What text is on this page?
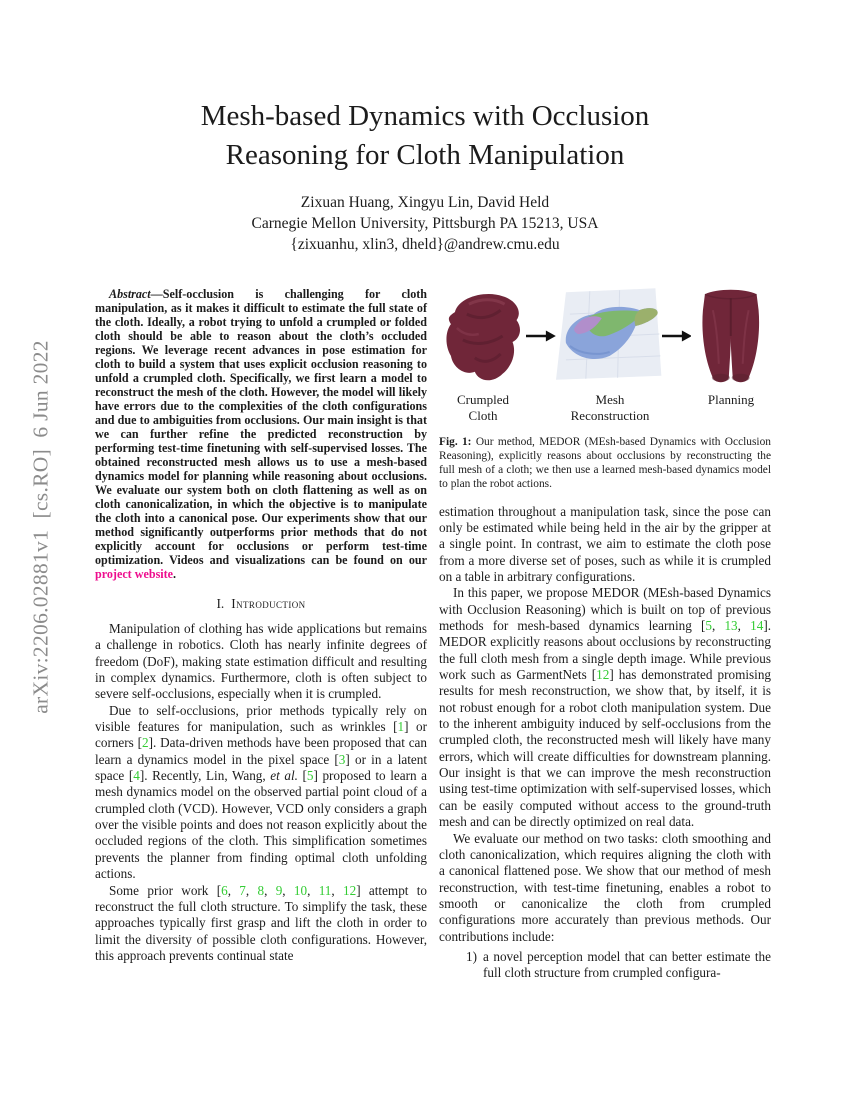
arXiv:2206.02881v1  [cs.RO]  6 Jun 2022
Mesh-based Dynamics with Occlusion
Reasoning for Cloth Manipulation
Zixuan Huang, Xingyu Lin, David Held
Carnegie Mellon University, Pittsburgh PA 15213, USA
{zixuanhu, xlin3, dheld}@andrew.cmu.edu

Abstract—Self-occlusion is challenging for cloth manipulation, as it makes it difficult to estimate the full state of the cloth. Ideally, a robot trying to unfold a crumpled or folded cloth should be able to reason about the cloth’s occluded regions. We leverage recent advances in pose estimation for cloth to build a system that uses explicit occlusion reasoning to unfold a crumpled cloth. Specifically, we first learn a model to reconstruct the mesh of the cloth. However, the model will likely have errors due to the complexities of the cloth configurations and due to ambiguities from occlusions. Our main insight is that we can further refine the predicted reconstruction by performing test-time finetuning with self-supervised losses. The obtained reconstructed mesh allows us to use a mesh-based dynamics model for planning while reasoning about occlusions. We evaluate our system both on cloth flattening as well as on cloth canonicalization, in which the objective is to manipulate the cloth into a canonical pose. Our experiments show that our method significantly outperforms prior methods that do not explicitly account for occlusions or perform test-time optimization. Videos and visualizations can be found on our project website.

I. Introduction

Manipulation of clothing has wide applications but remains a challenge in robotics. Cloth has nearly infinite degrees of freedom (DoF), making state estimation difficult and resulting in complex dynamics. Furthermore, cloth is often subject to severe self-occlusions, especially when it is crumpled.

Due to self-occlusions, prior methods typically rely on visible features for manipulation, such as wrinkles [1] or corners [2]. Data-driven methods have been proposed that can learn a dynamics model in the pixel space [3] or in a latent space [4]. Recently, Lin, Wang, et al. [5] proposed to learn a mesh dynamics model on the observed partial point cloud of a crumpled cloth (VCD). However, VCD only considers a graph over the visible points and does not reason explicitly about the occluded regions of the cloth. This simplification sometimes prevents the planner from finding optimal cloth unfolding actions.

Some prior work [6, 7, 8, 9, 10, 11, 12] attempt to reconstruct the full cloth structure. To simplify the task, these approaches typically first grasp and lift the cloth in order to limit the diversity of possible cloth configurations. However, this approach prevents continual state

Crumpled Cloth
Mesh Reconstruction
Planning
Fig. 1: Our method, MEDOR (MEsh-based Dynamics with Occlusion Reasoning), explicitly reasons about occlusions by reconstructing the full mesh of a cloth; we then use a learned mesh-based dynamics model to plan the robot actions.

estimation throughout a manipulation task, since the pose can only be estimated while being held in the air by the gripper at a single point. In contrast, we aim to estimate the cloth pose from a more diverse set of poses, such as while it is crumpled on a table in arbitrary configurations.

In this paper, we propose MEDOR (MEsh-based Dynamics with Occlusion Reasoning) which is built on top of previous methods for mesh-based dynamics learning [5, 13, 14]. MEDOR explicitly reasons about occlusions by reconstructing the full cloth mesh from a single depth image. While previous work such as GarmentNets [12] has demonstrated promising results for mesh reconstruction, we show that, by itself, it is not robust enough for a robot cloth manipulation system. Due to the inherent ambiguity induced by self-occlusions from the crumpled cloth, the reconstructed mesh will likely have many errors, which will create difficulties for downstream planning. Our insight is that we can improve the mesh reconstruction using test-time optimization with self-supervised losses, which can be easily computed without access to the ground-truth mesh and can be directly optimized on real data.

We evaluate our method on two tasks: cloth smoothing and cloth canonicalization, which requires aligning the cloth with a canonical flattened pose. We show that our method of mesh reconstruction, with test-time finetuning, enables a robot to smooth or canonicalize the cloth from crumpled configurations more accurately than previous methods. Our contributions include:

1) a novel perception model that can better estimate the full cloth structure from crumpled configura-
